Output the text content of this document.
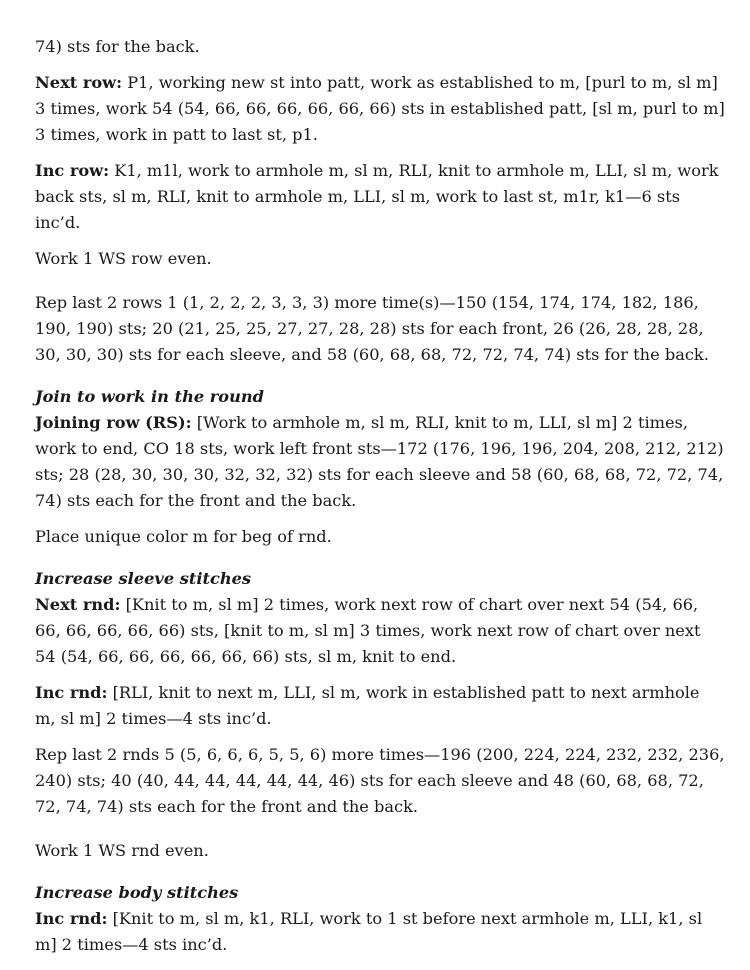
74) sts for the back.

Next row: P1, working new st into patt, work as established to m, [purl to m, sl m] 3 times, work 54 (54, 66, 66, 66, 66, 66, 66) sts in established patt, [sl m, purl to m] 3 times, work in patt to last st, p1.

Inc row: K1, m1l, work to armhole m, sl m, RLI, knit to armhole m, LLI, sl m, work back sts, sl m, RLI, knit to armhole m, LLI, sl m, work to last st, m1r, k1—6 sts inc’d.

Work 1 WS row even.

Rep last 2 rows 1 (1, 2, 2, 2, 3, 3, 3) more time(s)—150 (154, 174, 174, 182, 186, 190, 190) sts; 20 (21, 25, 25, 27, 27, 28, 28) sts for each front, 26 (26, 28, 28, 28, 30, 30, 30) sts for each sleeve, and 58 (60, 68, 68, 72, 72, 74, 74) sts for the back.

Join to work in the round
Joining row (RS): [Work to armhole m, sl m, RLI, knit to m, LLI, sl m] 2 times, work to end, CO 18 sts, work left front sts—172 (176, 196, 196, 204, 208, 212, 212) sts; 28 (28, 30, 30, 30, 32, 32, 32) sts for each sleeve and 58 (60, 68, 68, 72, 72, 74, 74) sts each for the front and the back.

Place unique color m for beg of rnd.

Increase sleeve stitches
Next rnd: [Knit to m, sl m] 2 times, work next row of chart over next 54 (54, 66, 66, 66, 66, 66, 66) sts, [knit to m, sl m] 3 times, work next row of chart over next 54 (54, 66, 66, 66, 66, 66, 66) sts, sl m, knit to end.

Inc rnd: [RLI, knit to next m, LLI, sl m, work in established patt to next armhole m, sl m] 2 times—4 sts inc’d.

Rep last 2 rnds 5 (5, 6, 6, 6, 5, 5, 6) more times—196 (200, 224, 224, 232, 232, 236, 240) sts; 40 (40, 44, 44, 44, 44, 44, 46) sts for each sleeve and 48 (60, 68, 68, 72, 72, 74, 74) sts each for the front and the back.

Work 1 WS rnd even.

Increase body stitches
Inc rnd: [Knit to m, sl m, k1, RLI, work to 1 st before next armhole m, LLI, k1, sl m] 2 times—4 sts inc’d.
